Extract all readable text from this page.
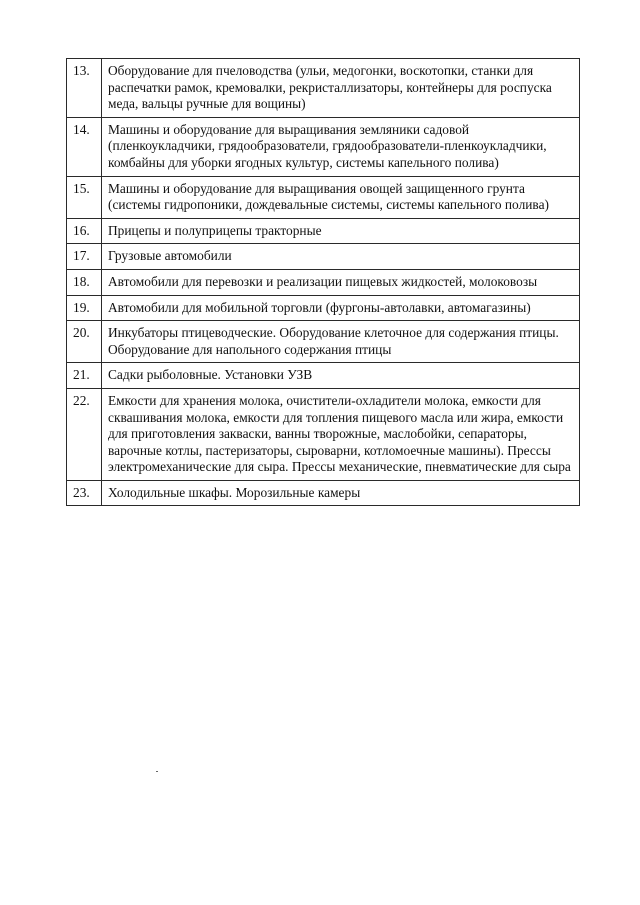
13.	Оборудование для пчеловодства (ульи, медогонки, воскотопки, станки для распечатки рамок, кремовалки, рекристаллизаторы, контейнеры для роспуска меда, вальцы ручные для вощины)
14.	Машины и оборудование для выращивания земляники садовой (пленкоукладчики, грядообразователи, грядообразователи-пленкоукладчики, комбайны для уборки ягодных культур, системы капельного полива)
15.	Машины и оборудование для выращивания овощей защищенного грунта (системы гидропоники, дождевальные системы, системы капельного полива)
16.	Прицепы и полуприцепы тракторные
17.	Грузовые автомобили
18.	Автомобили для перевозки и реализации пищевых жидкостей, молоковозы
19.	Автомобили для мобильной торговли (фургоны-автолавки, автомагазины)
20.	Инкубаторы птицеводческие. Оборудование клеточное для содержания птицы. Оборудование для напольного содержания птицы
21.	Садки рыболовные. Установки УЗВ
22.	Емкости для хранения молока, очистители-охладители молока, емкости для сквашивания молока, емкости для топления пищевого масла или жира, емкости для приготовления закваски, ванны творожные, маслобойки, сепараторы, варочные котлы, пастеризаторы, сыроварни, котломоечные машины). Прессы электромеханические для сыра. Прессы механические, пневматические для сыра
23.	Холодильные шкафы. Морозильные камеры
